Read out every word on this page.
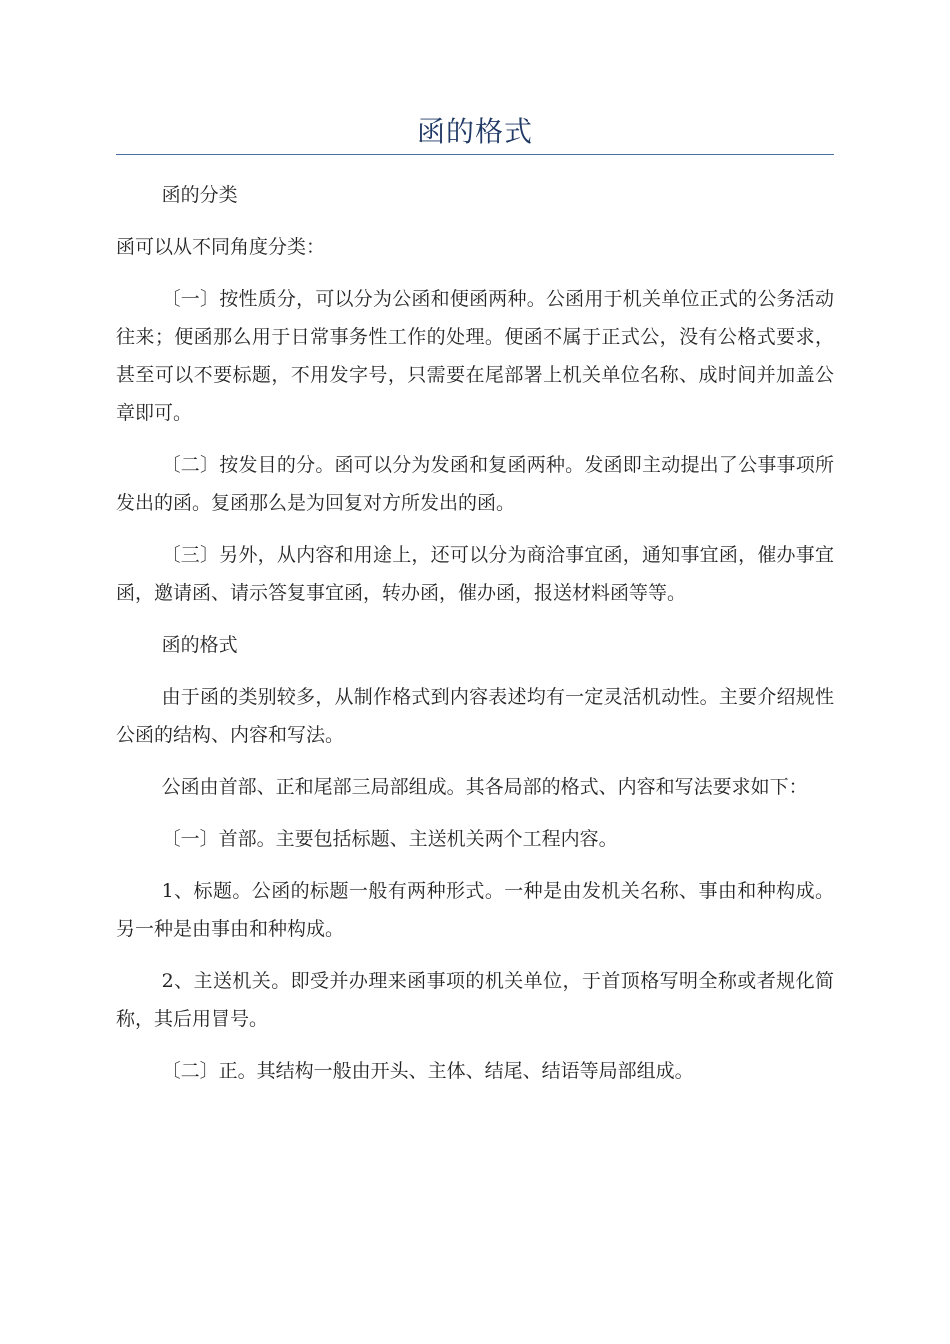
函的格式

函的分类

函可以从不同角度分类：

〔一〕按性质分，可以分为公函和便函两种。公函用于机关单位正式的公务活动往来；便函那么用于日常事务性工作的处理。便函不属于正式公，没有公格式要求，甚至可以不要标题，不用发字号，只需要在尾部署上机关单位名称、成时间并加盖公章即可。

〔二〕按发目的分。函可以分为发函和复函两种。发函即主动提出了公事事项所发出的函。复函那么是为回复对方所发出的函。

〔三〕另外，从内容和用途上，还可以分为商洽事宜函，通知事宜函，催办事宜函，邀请函、请示答复事宜函，转办函，催办函，报送材料函等等。

函的格式

由于函的类别较多，从制作格式到内容表述均有一定灵活机动性。主要介绍规性公函的结构、内容和写法。

公函由首部、正和尾部三局部组成。其各局部的格式、内容和写法要求如下：

〔一〕首部。主要包括标题、主送机关两个工程内容。

1、标题。公函的标题一般有两种形式。一种是由发机关名称、事由和种构成。另一种是由事由和种构成。

2、主送机关。即受并办理来函事项的机关单位，于首顶格写明全称或者规化简称，其后用冒号。

〔二〕正。其结构一般由开头、主体、结尾、结语等局部组成。
